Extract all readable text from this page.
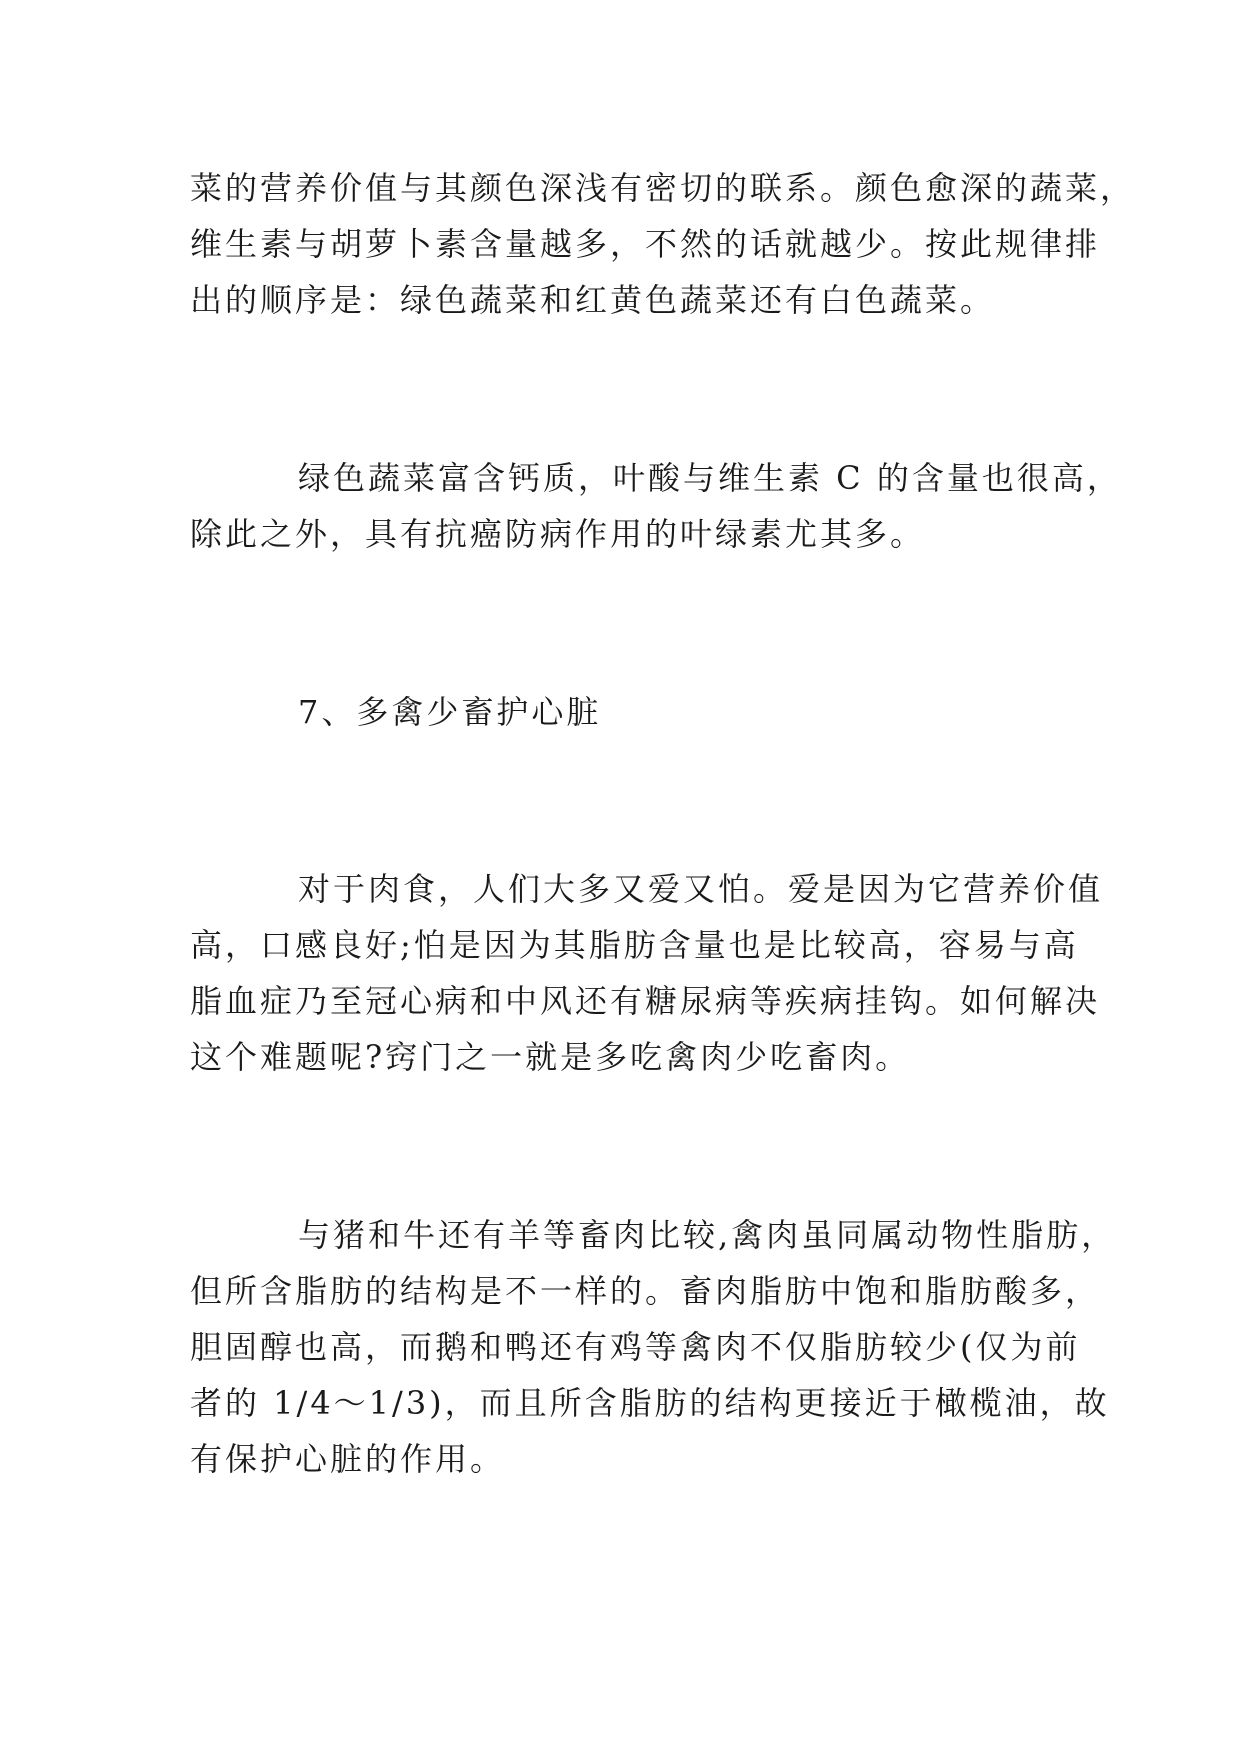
菜的营养价值与其颜色深浅有密切的联系。颜色愈深的蔬菜，
维生素与胡萝卜素含量越多，不然的话就越少。按此规律排
出的顺序是：绿色蔬菜和红黄色蔬菜还有白色蔬菜。
绿色蔬菜富含钙质，叶酸与维生素 C 的含量也很高，
除此之外，具有抗癌防病作用的叶绿素尤其多。
7、多禽少畜护心脏
对于肉食，人们大多又爱又怕。爱是因为它营养价值
高，口感良好;怕是因为其脂肪含量也是比较高，容易与高
脂血症乃至冠心病和中风还有糖尿病等疾病挂钩。如何解决
这个难题呢?窍门之一就是多吃禽肉少吃畜肉。
与猪和牛还有羊等畜肉比较,禽肉虽同属动物性脂肪，
但所含脂肪的结构是不一样的。畜肉脂肪中饱和脂肪酸多，
胆固醇也高，而鹅和鸭还有鸡等禽肉不仅脂肪较少(仅为前
者的 1/4～1/3)，而且所含脂肪的结构更接近于橄榄油，故
有保护心脏的作用。
